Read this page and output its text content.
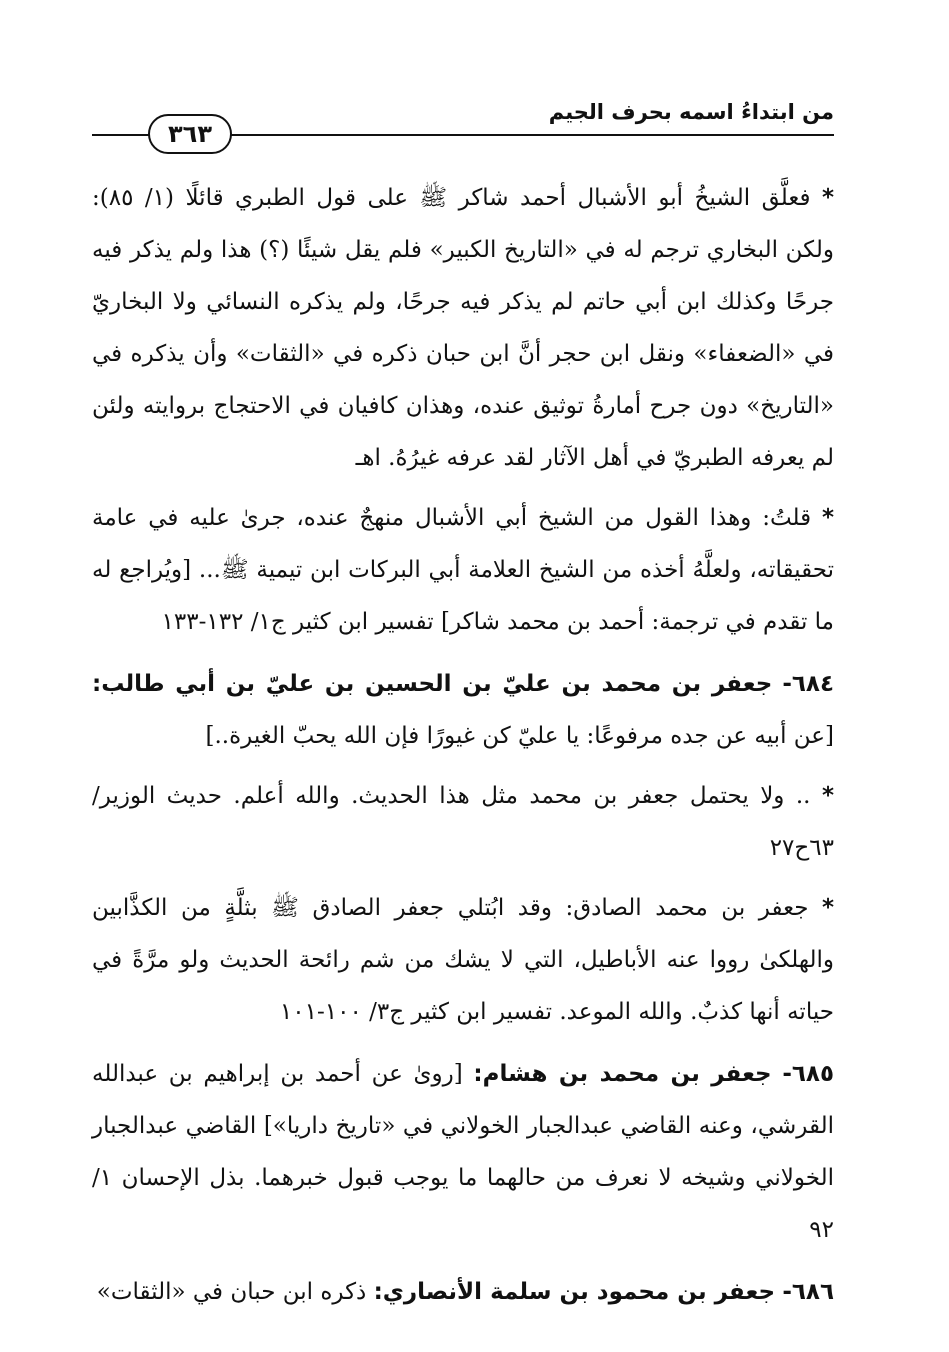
من ابتداءُ اسمه بحرف الجيم
٣٦٣

* فعلَّق الشيخُ أبو الأشبال أحمد شاكر ﷺ على قول الطبري قائلًا (١/ ٨٥): ولكن البخاري ترجم له في «التاريخ الكبير» فلم يقل شيئًا (؟) هذا ولم يذكر فيه جرحًا وكذلك ابن أبي حاتم لم يذكر فيه جرحًا، ولم يذكره النسائي ولا البخاريّ في «الضعفاء» ونقل ابن حجر أنَّ ابن حبان ذكره في «الثقات» وأن يذكره في «التاريخ» دون جرح أمارةُ توثيق عنده، وهذان كافيان في الاحتجاج بروايته ولئن لم يعرفه الطبريّ في أهل الآثار لقد عرفه غيرُهُ. اهـ

* قلتُ: وهذا القول من الشيخ أبي الأشبال منهجٌ عنده، جرىٰ عليه في عامة تحقيقاته، ولعلَّهُ أخذه من الشيخ العلامة أبي البركات ابن تيمية ﷺ... [ويُراجع له ما تقدم في ترجمة: أحمد بن محمد شاكر] تفسير ابن كثير ج١/ ١٣٢-١٣٣

٦٨٤- جعفر بن محمد بن عليّ بن الحسين بن عليّ بن أبي طالب: [عن أبيه عن جده مرفوعًا: يا عليّ كن غيورًا فإن الله يحبّ الغيرة..]

* .. ولا يحتمل جعفر بن محمد مثل هذا الحديث. والله أعلم. حديث الوزير/ ٦٣ح٢٧

* جعفر بن محمد الصادق: وقد ابُتلي جعفر الصادق ﷺ بثلَّةٍ من الكذَّابين والهلكىٰ رووا عنه الأباطيل، التي لا يشك من شم رائحة الحديث ولو مرَّةً في حياته أنها كذبٌ. والله الموعد. تفسير ابن كثير ج٣/ ١٠٠-١٠١

٦٨٥- جعفر بن محمد بن هشام: [روىٰ عن أحمد بن إبراهيم بن عبدالله القرشي، وعنه القاضي عبدالجبار الخولاني في «تاريخ داريا»] القاضي عبدالجبار الخولاني وشيخه لا نعرف من حالهما ما يوجب قبول خبرهما. بذل الإحسان ١/ ٩٢

٦٨٦- جعفر بن محمود بن سلمة الأنصاري: ذكره ابن حبان في «الثقات»
